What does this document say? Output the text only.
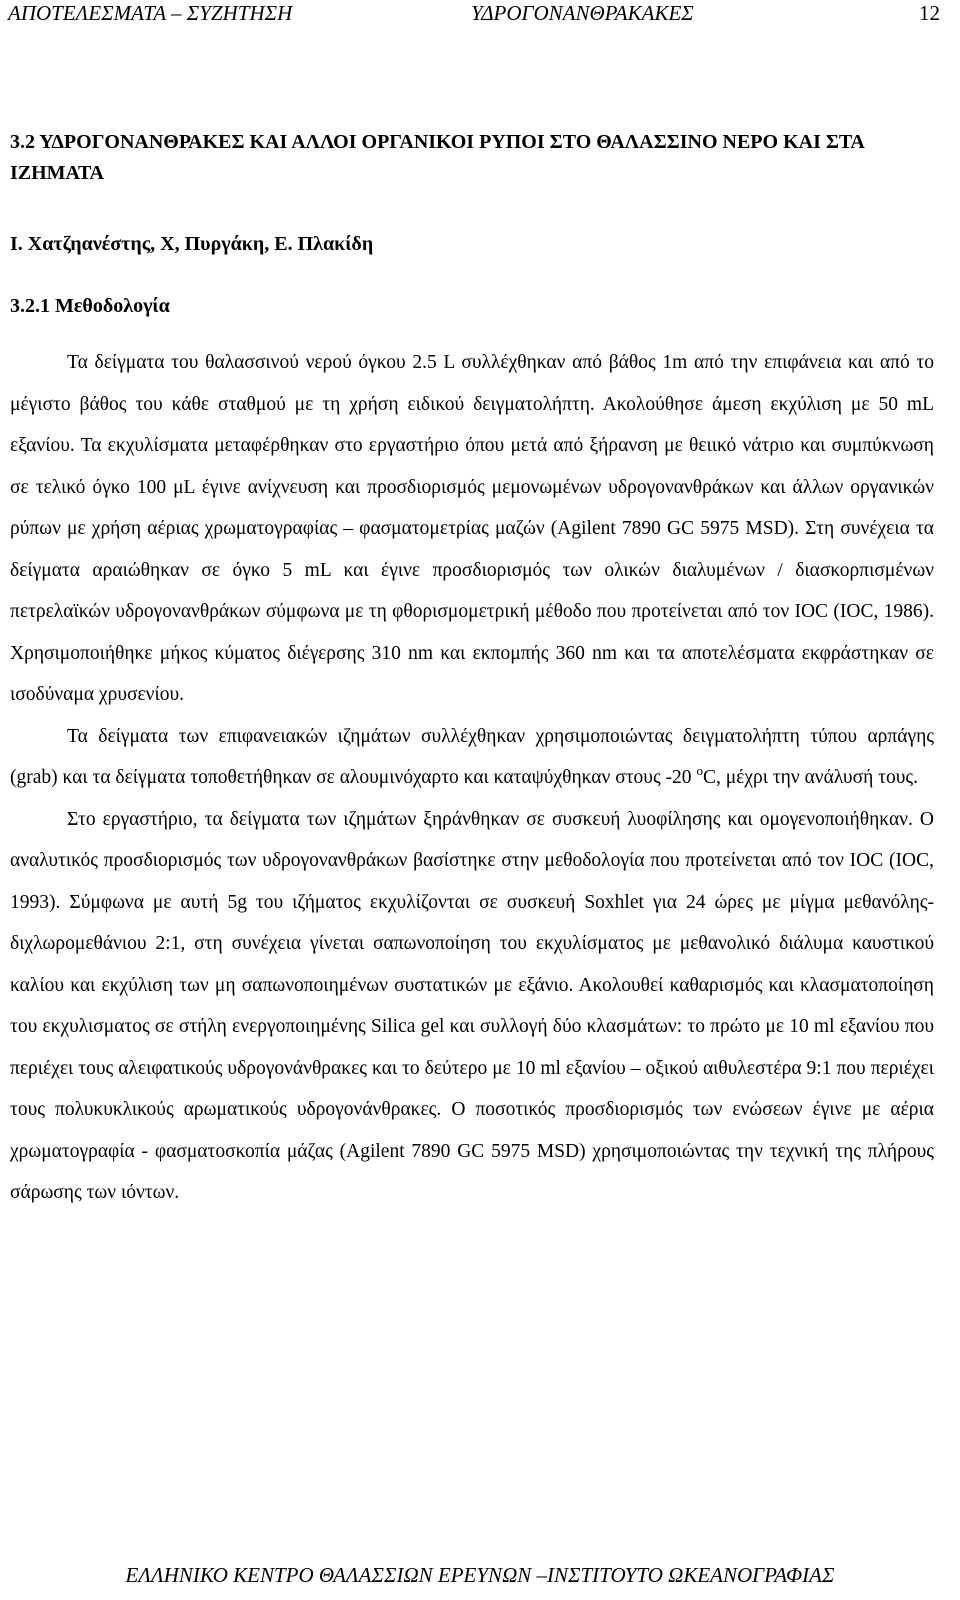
ΑΠΟΤΕΛΕΣΜΑΤΑ – ΣΥΖΗΤΗΣΗ	ΥΔΡΟΓΟΝΑΝΘΡΑΚΑΚΕΣ	12

3.2 ΥΔΡΟΓΟΝΑΝΘΡΑΚΕΣ ΚΑΙ ΑΛΛΟΙ ΟΡΓΑΝΙΚΟΙ ΡΥΠΟΙ ΣΤΟ ΘΑΛΑΣΣΙΝΟ ΝΕΡΟ ΚΑΙ ΣΤΑ ΙΖΗΜΑΤΑ

Ι. Χατζηανέστης, Χ, Πυργάκη, Ε. Πλακίδη

3.2.1 Μεθοδολογία

Τα δείγματα του θαλασσινού νερού όγκου 2.5 L συλλέχθηκαν από βάθος 1m από την επιφάνεια και από το μέγιστο βάθος του κάθε σταθμού με τη χρήση ειδικού δειγματολήπτη. Ακολούθησε άμεση εκχύλιση με 50 mL εξανίου. Τα εκχυλίσματα μεταφέρθηκαν στο εργαστήριο όπου μετά από ξήρανση με θειικό νάτριο και συμπύκνωση σε τελικό όγκο 100 μL έγινε ανίχνευση και προσδιορισμός μεμονωμένων υδρογονανθράκων και άλλων οργανικών ρύπων με χρήση αέριας χρωματογραφίας – φασματομετρίας μαζών (Agilent 7890 GC 5975 MSD). Στη συνέχεια τα δείγματα αραιώθηκαν σε όγκο 5 mL και έγινε προσδιορισμός των ολικών διαλυμένων / διασκορπισμένων πετρελαϊκών υδρογονανθράκων σύμφωνα με τη φθορισμομετρική μέθοδο που προτείνεται από τον IOC (IOC, 1986). Χρησιμοποιήθηκε μήκος κύματος διέγερσης 310 nm και εκπομπής 360 nm και τα αποτελέσματα εκφράστηκαν σε ισοδύναμα χρυσενίου.

Τα δείγματα των επιφανειακών ιζημάτων συλλέχθηκαν χρησιμοποιώντας δειγματολήπτη τύπου αρπάγης (grab) και τα δείγματα τοποθετήθηκαν σε αλουμινόχαρτο και καταψύχθηκαν στους -20 $^o$C, μέχρι την ανάλυσή τους.

Στο εργαστήριο, τα δείγματα των ιζημάτων ξηράνθηκαν σε συσκευή λυοφίλησης και ομογενοποιήθηκαν. Ο αναλυτικός προσδιορισμός των υδρογονανθράκων βασίστηκε στην μεθοδολογία που προτείνεται από τον IOC (IOC, 1993). Σύμφωνα με αυτή 5g του ιζήματος εκχυλίζονται σε συσκευή Soxhlet για 24 ώρες με μίγμα μεθανόλης-διχλωρομεθάνιου 2:1, στη συνέχεια γίνεται σαπωνοποίηση του εκχυλίσματος με μεθανολικό διάλυμα καυστικού καλίου και εκχύλιση των μη σαπωνοποιημένων συστατικών με εξάνιο. Ακολουθεί καθαρισμός και κλασματοποίηση του εκχυλισματος σε στήλη ενεργοποιημένης Silica gel και συλλογή δύο κλασμάτων: το πρώτο με 10 ml εξανίου που περιέχει τους αλειφατικούς υδρογονάνθρακες και το δεύτερο με 10 ml εξανίου – οξικού αιθυλεστέρα 9:1 που περιέχει τους πολυκυκλικούς αρωματικούς υδρογονάνθρακες. Ο ποσοτικός προσδιορισμός των ενώσεων έγινε με αέρια χρωματογραφία - φασματοσκοπία μάζας (Agilent 7890 GC 5975 MSD) χρησιμοποιώντας την τεχνική της πλήρους σάρωσης των ιόντων.

ΕΛΛΗΝΙΚΟ ΚΕΝΤΡΟ ΘΑΛΑΣΣΙΩΝ ΕΡΕΥΝΩΝ –ΙΝΣΤΙΤΟΥΤΟ ΩΚΕΑΝΟΓΡΑΦΙΑΣ
